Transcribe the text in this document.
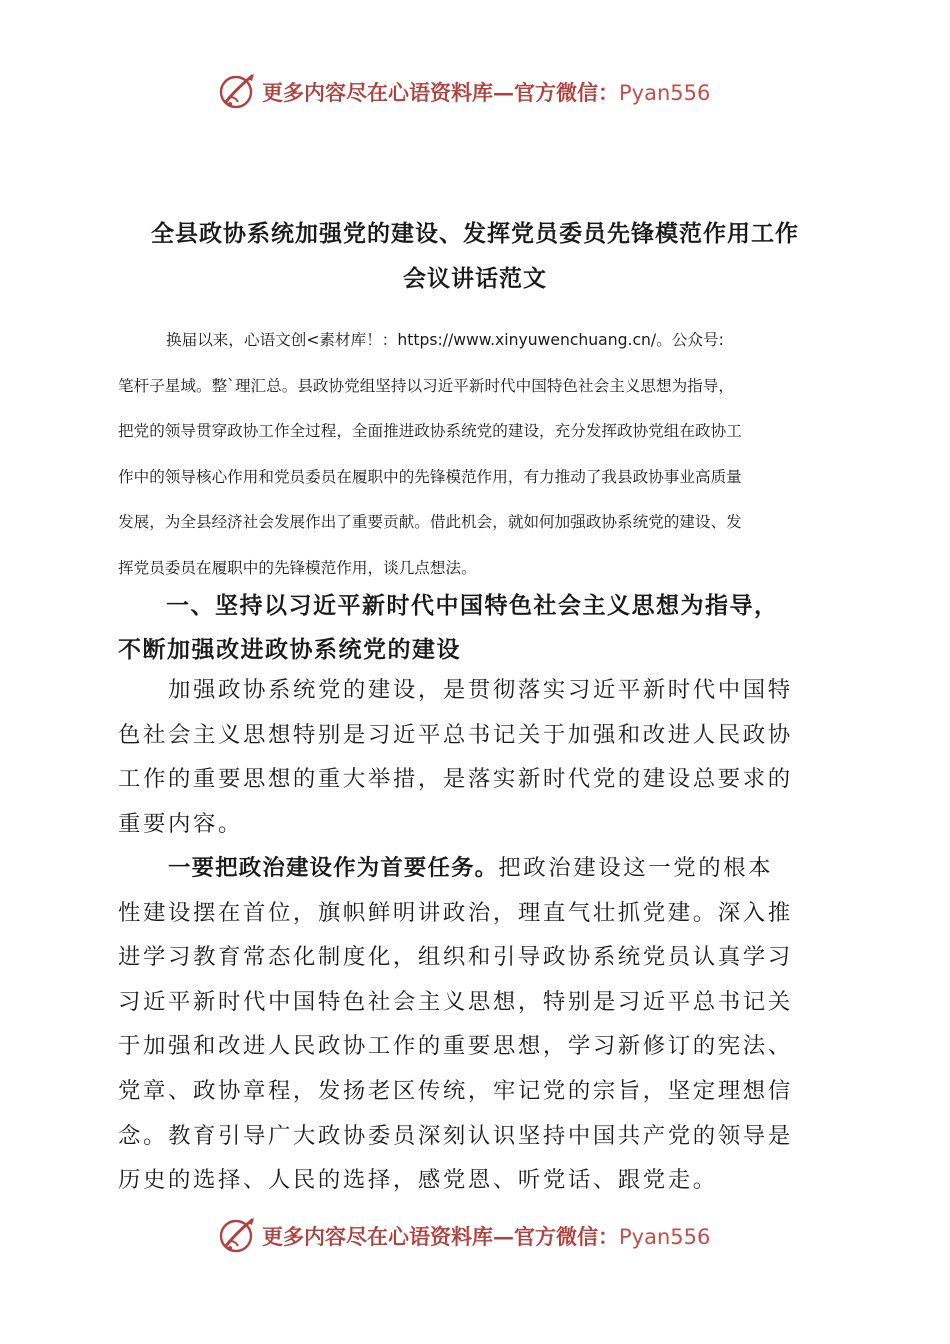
更多内容尽在心语资料库—官方微信：Pyan556
全县政协系统加强党的建设、发挥党员委员先锋模范作用工作
会议讲话范文
换届以来，心语文创<素材库！：https://www.xinyuwenchuang.cn/。公众号:
笔杆子星域。整`理汇总。县政协党组坚持以习近平新时代中国特色社会主义思想为指导，
把党的领导贯穿政协工作全过程，全面推进政协系统党的建设，充分发挥政协党组在政协工
作中的领导核心作用和党员委员在履职中的先锋模范作用，有力推动了我县政协事业高质量
发展，为全县经济社会发展作出了重要贡献。借此机会，就如何加强政协系统党的建设、发
挥党员委员在履职中的先锋模范作用，谈几点想法。
一、坚持以习近平新时代中国特色社会主义思想为指导，
不断加强改进政协系统党的建设
加强政协系统党的建设，是贯彻落实习近平新时代中国特
色社会主义思想特别是习近平总书记关于加强和改进人民政协
工作的重要思想的重大举措，是落实新时代党的建设总要求的
重要内容。
一要把政治建设作为首要任务。把政治建设这一党的根本
性建设摆在首位，旗帜鲜明讲政治，理直气壮抓党建。深入推
进学习教育常态化制度化，组织和引导政协系统党员认真学习
习近平新时代中国特色社会主义思想，特别是习近平总书记关
于加强和改进人民政协工作的重要思想，学习新修订的宪法、
党章、政协章程，发扬老区传统，牢记党的宗旨，坚定理想信
念。教育引导广大政协委员深刻认识坚持中国共产党的领导是
历史的选择、人民的选择，感党恩、听党话、跟党走。
更多内容尽在心语资料库—官方微信：Pyan556
